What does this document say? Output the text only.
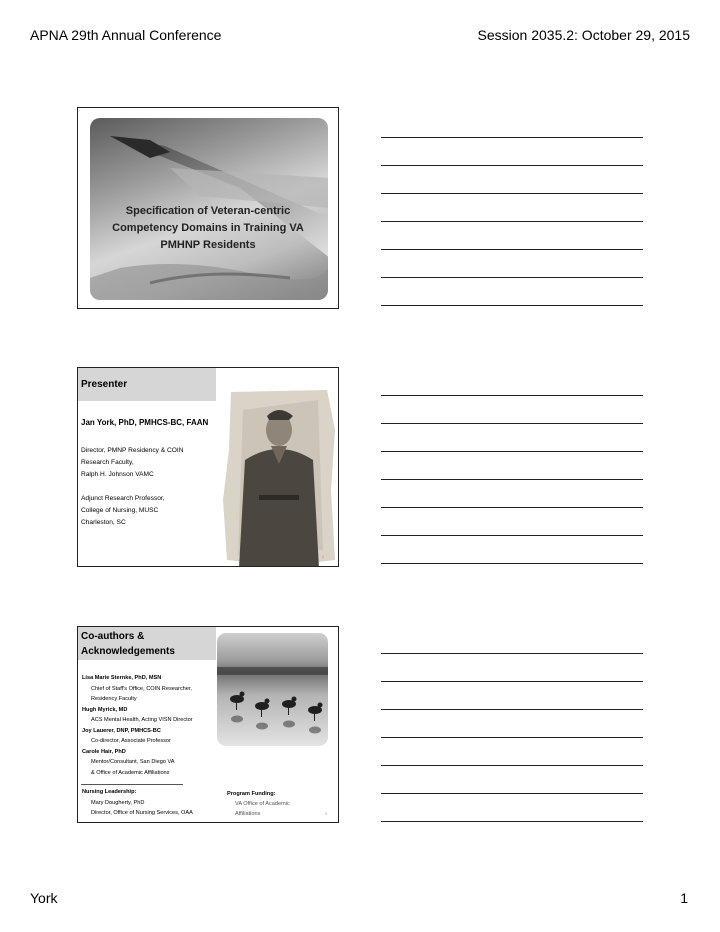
APNA 29th Annual Conference	Session 2035.2: October 29, 2015
Specification of Veteran-centric Competency Domains in Training VA PMHNP Residents
Presenter
Jan York, PhD, PMHCS-BC, FAAN
Director, PMNP Residency & COIN
Research Faculty,
Ralph H. Johnson VAMC
Adjunct Research Professor,
College of Nursing, MUSC
Charleston, SC
2
Co-authors &
Acknowledgements
Lisa Marie Sternke, PhD, MSN
Chief of Staff's Office, COIN Researcher,
Residency Faculty
Hugh Myrick, MD
ACS Mental Health, Acting VISN Director
Joy Lauerer, DNP, PMHCS-BC
Co-director, Associate Professor
Carole Hair, PhD
Mentor/Consultant, San Diego VA
& Office of Academic Affiliations
Nursing Leadership:
Mary Dougherty, PhD
Director, Office of Nursing Services, OAA
Program Funding:
VA Office of Academic
Affiliations	3
York	1
